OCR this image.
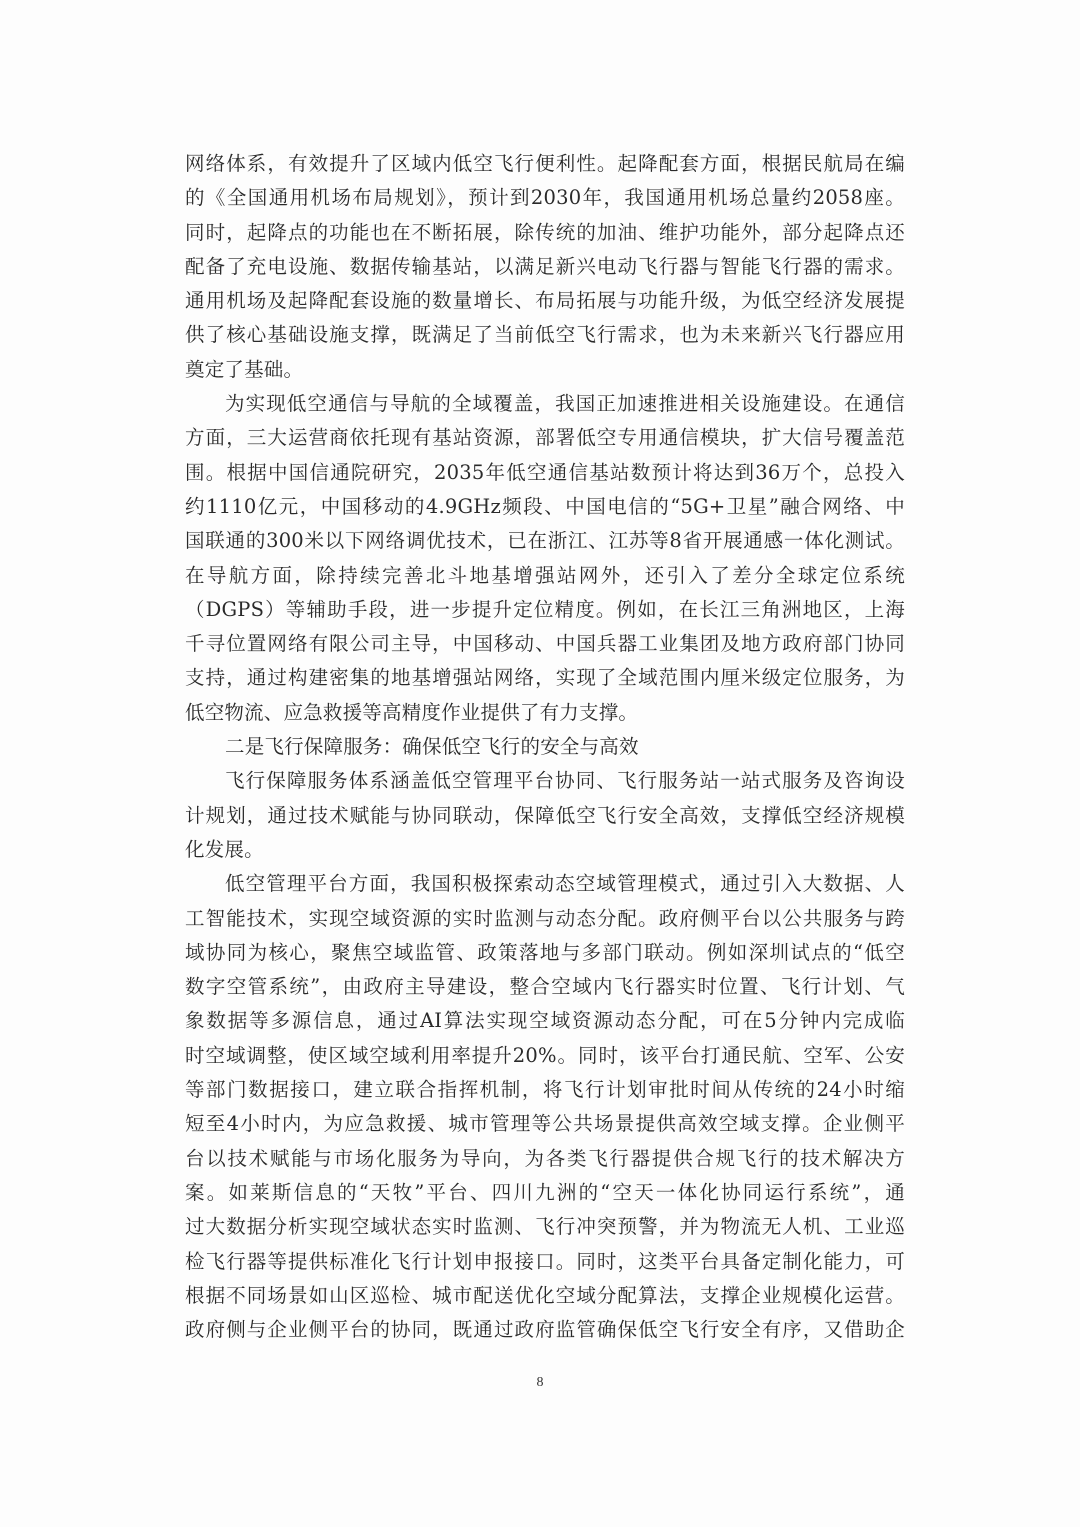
网络体系，有效提升了区域内低空飞行便利性。起降配套方面，根据民航局在编
的《全国通用机场布局规划》，预计到2030年，我国通用机场总量约2058座。
同时，起降点的功能也在不断拓展，除传统的加油、维护功能外，部分起降点还
配备了充电设施、数据传输基站，以满足新兴电动飞行器与智能飞行器的需求。
通用机场及起降配套设施的数量增长、布局拓展与功能升级，为低空经济发展提
供了核心基础设施支撑，既满足了当前低空飞行需求，也为未来新兴飞行器应用
奠定了基础。
为实现低空通信与导航的全域覆盖，我国正加速推进相关设施建设。在通信
方面，三大运营商依托现有基站资源，部署低空专用通信模块，扩大信号覆盖范
围。根据中国信通院研究，2035年低空通信基站数预计将达到36万个，总投入
约1110亿元，中国移动的4.9GHz频段、中国电信的“5G+卫星”融合网络、中
国联通的300米以下网络调优技术，已在浙江、江苏等8省开展通感一体化测试。
在导航方面，除持续完善北斗地基增强站网外，还引入了差分全球定位系统
（DGPS）等辅助手段，进一步提升定位精度。例如，在长江三角洲地区，上海
千寻位置网络有限公司主导，中国移动、中国兵器工业集团及地方政府部门协同
支持，通过构建密集的地基增强站网络，实现了全域范围内厘米级定位服务，为
低空物流、应急救援等高精度作业提供了有力支撑。
二是飞行保障服务：确保低空飞行的安全与高效
飞行保障服务体系涵盖低空管理平台协同、飞行服务站一站式服务及咨询设
计规划，通过技术赋能与协同联动，保障低空飞行安全高效，支撑低空经济规模
化发展。
低空管理平台方面，我国积极探索动态空域管理模式，通过引入大数据、人
工智能技术，实现空域资源的实时监测与动态分配。政府侧平台以公共服务与跨
域协同为核心，聚焦空域监管、政策落地与多部门联动。例如深圳试点的“低空
数字空管系统”，由政府主导建设，整合空域内飞行器实时位置、飞行计划、气
象数据等多源信息，通过AI算法实现空域资源动态分配，可在5分钟内完成临
时空域调整，使区域空域利用率提升20%。同时，该平台打通民航、空军、公安
等部门数据接口，建立联合指挥机制，将飞行计划审批时间从传统的24小时缩
短至4小时内，为应急救援、城市管理等公共场景提供高效空域支撑。企业侧平
台以技术赋能与市场化服务为导向，为各类飞行器提供合规飞行的技术解决方
案。如莱斯信息的“天牧”平台、四川九洲的“空天一体化协同运行系统”，通
过大数据分析实现空域状态实时监测、飞行冲突预警，并为物流无人机、工业巡
检飞行器等提供标准化飞行计划申报接口。同时，这类平台具备定制化能力，可
根据不同场景如山区巡检、城市配送优化空域分配算法，支撑企业规模化运营。
政府侧与企业侧平台的协同，既通过政府监管确保低空飞行安全有序，又借助企
8
